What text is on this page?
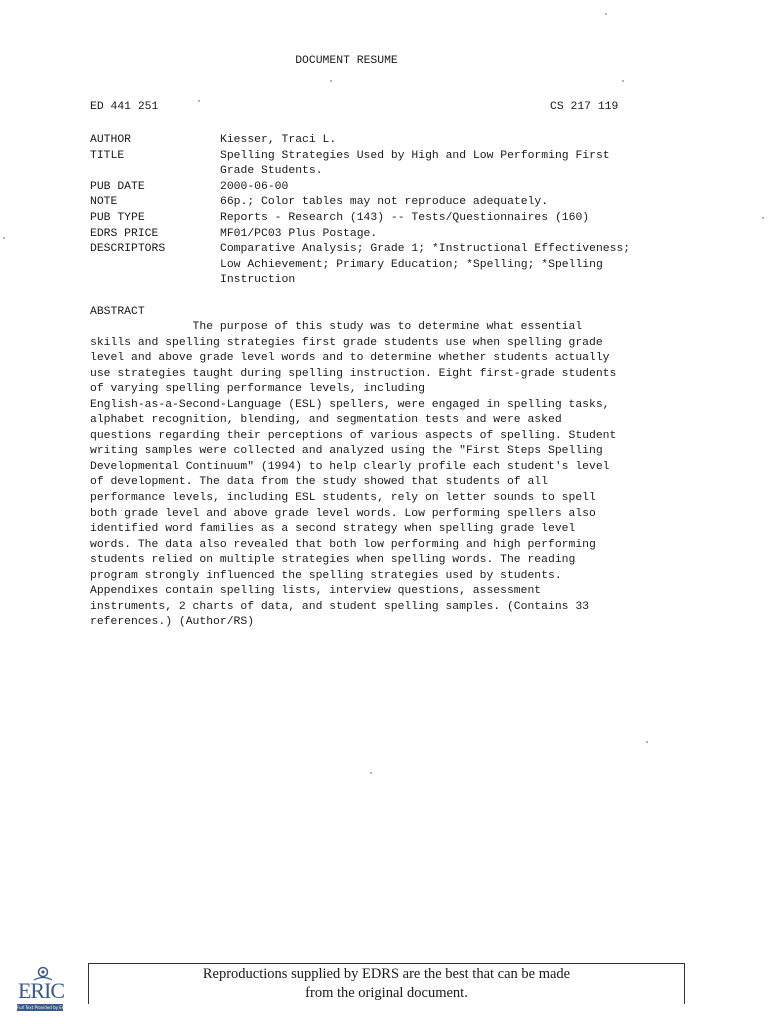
DOCUMENT RESUME
ED 441 251	CS 217 119
AUTHOR	Kiesser, Traci L.
TITLE	Spelling Strategies Used by High and Low Performing First
Grade Students.
PUB DATE	2000-06-00
NOTE	66p.; Color tables may not reproduce adequately.
PUB TYPE	Reports - Research (143) -- Tests/Questionnaires (160)
EDRS PRICE	MF01/PC03 Plus Postage.
DESCRIPTORS	Comparative Analysis; Grade 1; *Instructional Effectiveness;
Low Achievement; Primary Education; *Spelling; *Spelling
Instruction
ABSTRACT
The purpose of this study was to determine what essential
skills and spelling strategies first grade students use when spelling grade
level and above grade level words and to determine whether students actually
use strategies taught during spelling instruction. Eight first-grade students
of varying spelling performance levels, including
English-as-a-Second-Language (ESL) spellers, were engaged in spelling tasks,
alphabet recognition, blending, and segmentation tests and were asked
questions regarding their perceptions of various aspects of spelling. Student
writing samples were collected and analyzed using the "First Steps Spelling
Developmental Continuum" (1994) to help clearly profile each student's level
of development. The data from the study showed that students of all
performance levels, including ESL students, rely on letter sounds to spell
both grade level and above grade level words. Low performing spellers also
identified word families as a second strategy when spelling grade level
words. The data also revealed that both low performing and high performing
students relied on multiple strategies when spelling words. The reading
program strongly influenced the spelling strategies used by students.
Appendixes contain spelling lists, interview questions, assessment
instruments, 2 charts of data, and student spelling samples. (Contains 33
references.) (Author/RS)
Reproductions supplied by EDRS are the best that can be made
from the original document.
ERIC
Full Text Provided by ERIC
